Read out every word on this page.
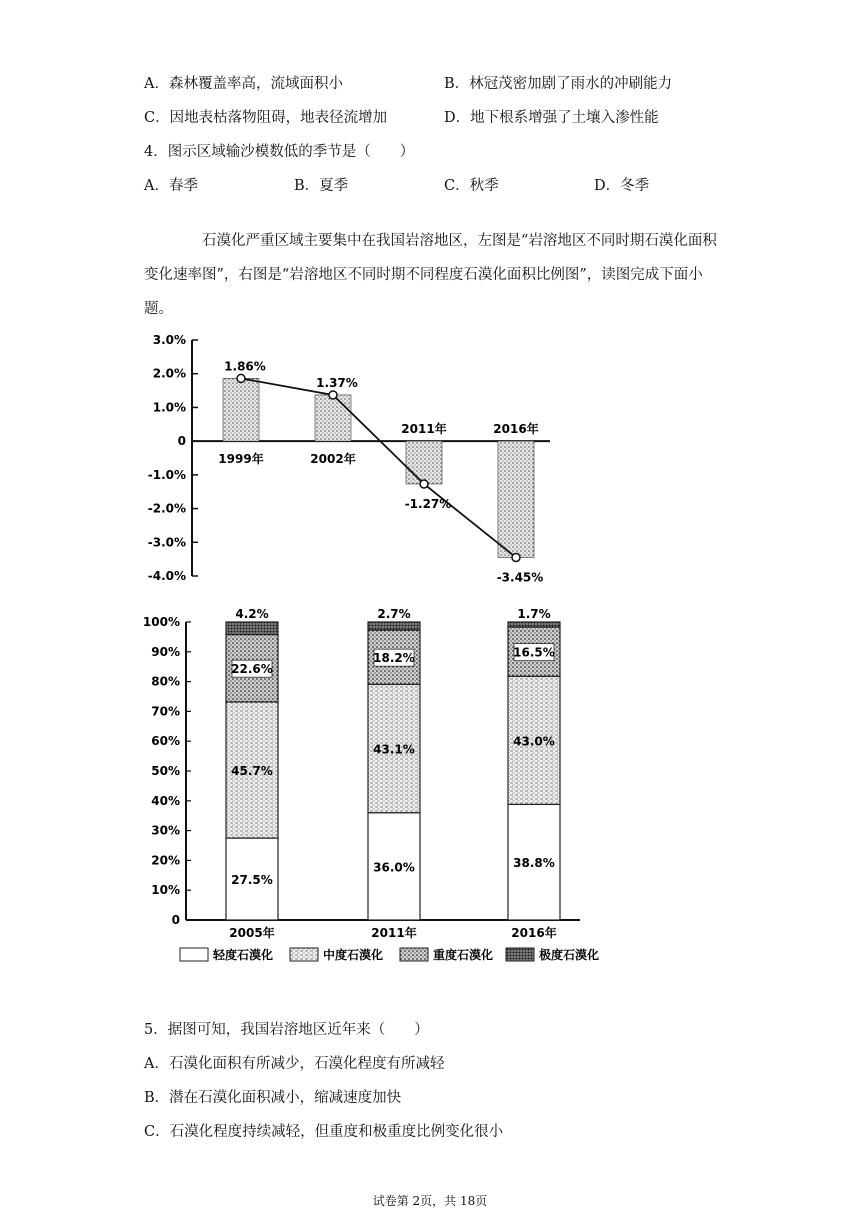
A．森林覆盖率高，流域面积小	B．林冠茂密加剧了雨水的冲刷能力
C．因地表枯落物阻碍，地表径流增加	D．地下根系增强了土壤入渗性能
4．图示区域输沙模数低的季节是（　　）
A．春季	B．夏季	C．秋季	D．冬季
石漠化严重区域主要集中在我国岩溶地区，左图是“岩溶地区不同时期石漠化面积变化速率图”，右图是“岩溶地区不同时期不同程度石漠化面积比例图”，读图完成下面小题。
3.0%
2.0%
1.0%
0
-1.0%
-2.0%
-3.0%
-4.0%
1999年
1.86%
2002年
1.37%
2011年
-1.27%
2016年
-3.45%
100%
90%
80%
70%
60%
50%
40%
30%
20%
10%
0
2005年	2011年	2016年
27.5%
45.7%
22.6%
4.2%
36.0%
43.1%
18.2%
2.7%
38.8%
43.0%
16.5%
1.7%
轻度石漠化	中度石漠化	重度石漠化	极度石漠化
5．据图可知，我国岩溶地区近年来（　　）
A．石漠化面积有所减少，石漠化程度有所减轻
B．潜在石漠化面积减小，缩减速度加快
C．石漠化程度持续减轻，但重度和极重度比例变化很小
试卷第 2页，共 18页
